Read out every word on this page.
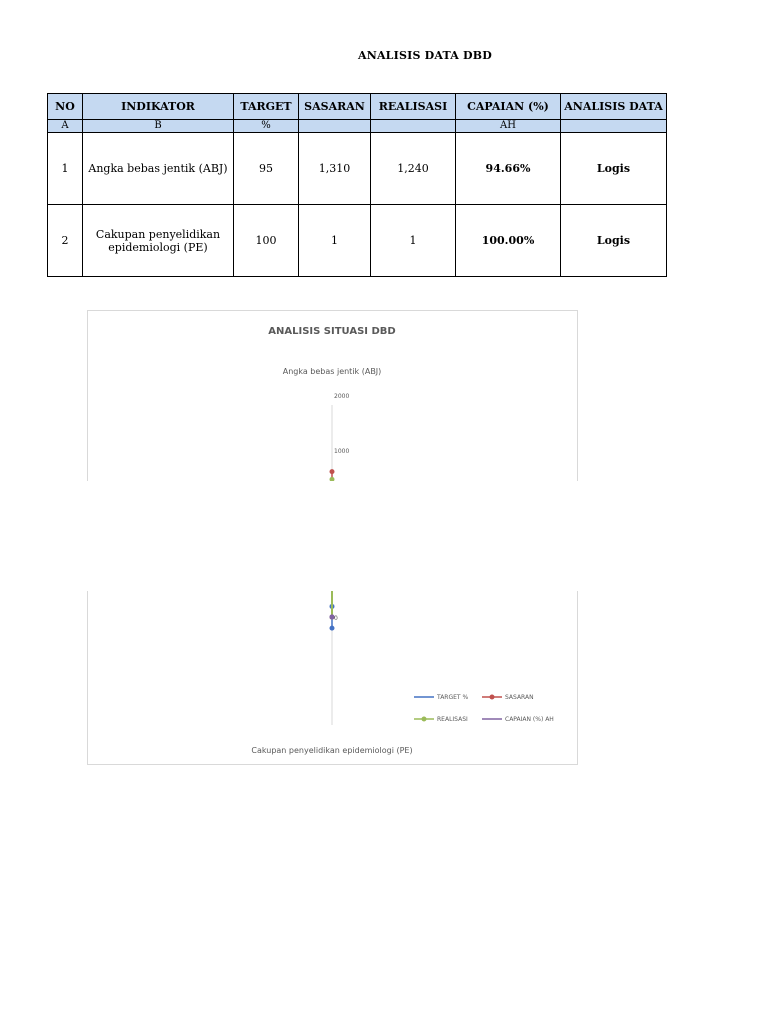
ANALISIS DATA DBD
NO	INDIKATOR	TARGET	SASARAN	REALISASI	CAPAIAN (%)	ANALISIS DATA
A	B	%			AH	
1	Angka bebas jentik (ABJ)	95	1,310	1,240	94.66%	Logis
2	Cakupan penyelidikan epidemiologi (PE)	100	1	1	100.00%	Logis
ANALISIS SITUASI DBD
Angka bebas jentik (ABJ)
Cakupan penyelidikan epidemiologi (PE)
2000
1000
0
TARGET %	SASARAN
REALISASI	CAPAIAN (%) AH
